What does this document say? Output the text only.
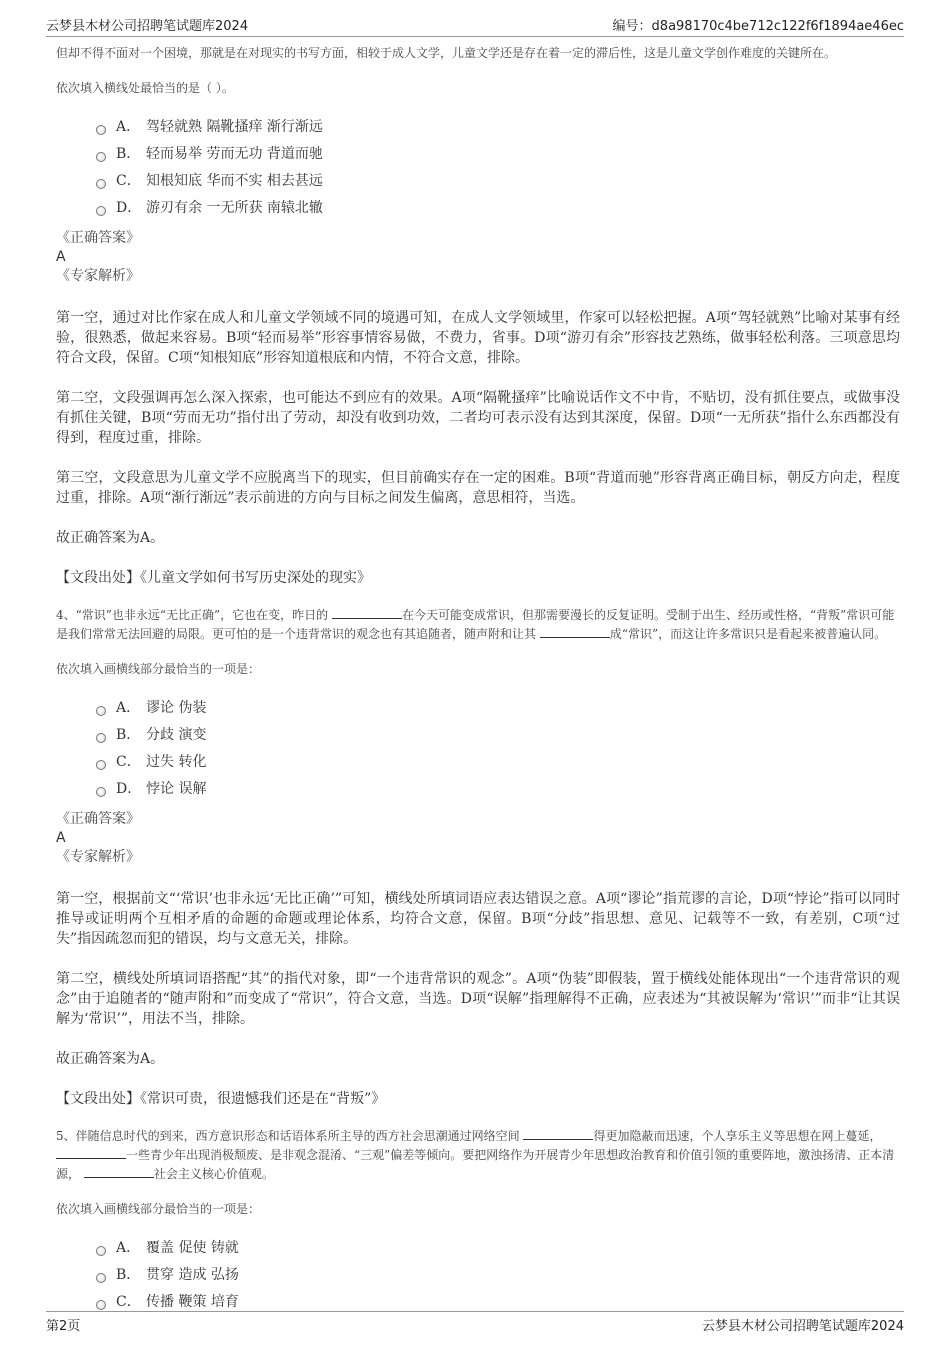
云梦县木材公司招聘笔试题库2024	编号：d8a98170c4be712c122f6f1894ae46ec

但却不得不面对一个困境，那就是在对现实的书写方面，相较于成人文学，儿童文学还是存在着一定的滞后性，这是儿童文学创作难度的关键所在。

依次填入横线处最恰当的是（ ）。

A． 驾轻就熟 隔靴搔痒 渐行渐远
B． 轻而易举 劳而无功 背道而驰
C． 知根知底 华而不实 相去甚远
D． 游刃有余 一无所获 南辕北辙

《正确答案》

A

《专家解析》

第一空，通过对比作家在成人和儿童文学领域不同的境遇可知，在成人文学领域里，作家可以轻松把握。A项“驾轻就熟”比喻对某事有经验，很熟悉，做起来容易。B项“轻而易举”形容事情容易做，不费力，省事。D项“游刃有余”形容技艺熟练，做事轻松利落。三项意思均符合文段，保留。C项“知根知底”形容知道根底和内情，不符合文意，排除。

第二空，文段强调再怎么深入探索，也可能达不到应有的效果。A项“隔靴搔痒”比喻说话作文不中肯，不贴切，没有抓住要点，或做事没有抓住关键，B项“劳而无功”指付出了劳动，却没有收到功效，二者均可表示没有达到其深度，保留。D项“一无所获”指什么东西都没有得到，程度过重，排除。

第三空，文段意思为儿童文学不应脱离当下的现实，但目前确实存在一定的困难。B项“背道而驰”形容背离正确目标，朝反方向走，程度过重，排除。A项“渐行渐远”表示前进的方向与目标之间发生偏离，意思相符，当选。

故正确答案为A。

【文段出处】《儿童文学如何书写历史深处的现实》

4、“常识”也非永远“无比正确”，它也在变，昨日的	在今天可能变成常识，但那需要漫长的反复证明。受制于出生、经历或性格，“背叛”常识可能是我们常常无法回避的局限。更可怕的是一个违背常识的观念也有其追随者，随声附和让其	成“常识”，而这让许多常识只是看起来被普遍认同。

依次填入画横线部分最恰当的一项是：

A． 谬论 伪装
B． 分歧 演变
C． 过失 转化
D． 悖论 误解

《正确答案》

A

《专家解析》

第一空，根据前文“‘常识’也非永远‘无比正确’”可知，横线处所填词语应表达错误之意。A项“谬论”指荒谬的言论，D项“悖论”指可以同时推导或证明两个互相矛盾的命题的命题或理论体系，均符合文意，保留。B项“分歧”指思想、意见、记载等不一致，有差别，C项“过失”指因疏忽而犯的错误，均与文意无关，排除。

第二空，横线处所填词语搭配“其”的指代对象，即“一个违背常识的观念”。A项“伪装”即假装，置于横线处能体现出“一个违背常识的观念”由于追随者的“随声附和”而变成了“常识”，符合文意，当选。D项“误解”指理解得不正确，应表述为“其被误解为‘常识’”而非“让其误解为‘常识’”，用法不当，排除。

故正确答案为A。

【文段出处】《常识可贵，很遗憾我们还是在“背叛”》

5、伴随信息时代的到来，西方意识形态和话语体系所主导的西方社会思潮通过网络空间	得更加隐蔽而迅速，个人享乐主义等思想在网上蔓延， 一些青少年出现消极颓废、是非观念混淆、“三观”偏差等倾向。要把网络作为开展青少年思想政治教育和价值引领的重要阵地，激浊扬清、正本清源，	社会主义核心价值观。

依次填入画横线部分最恰当的一项是：

A． 覆盖 促使 铸就
B． 贯穿 造成 弘扬
C． 传播 鞭策 培育
第2页	云梦县木材公司招聘笔试题库2024
